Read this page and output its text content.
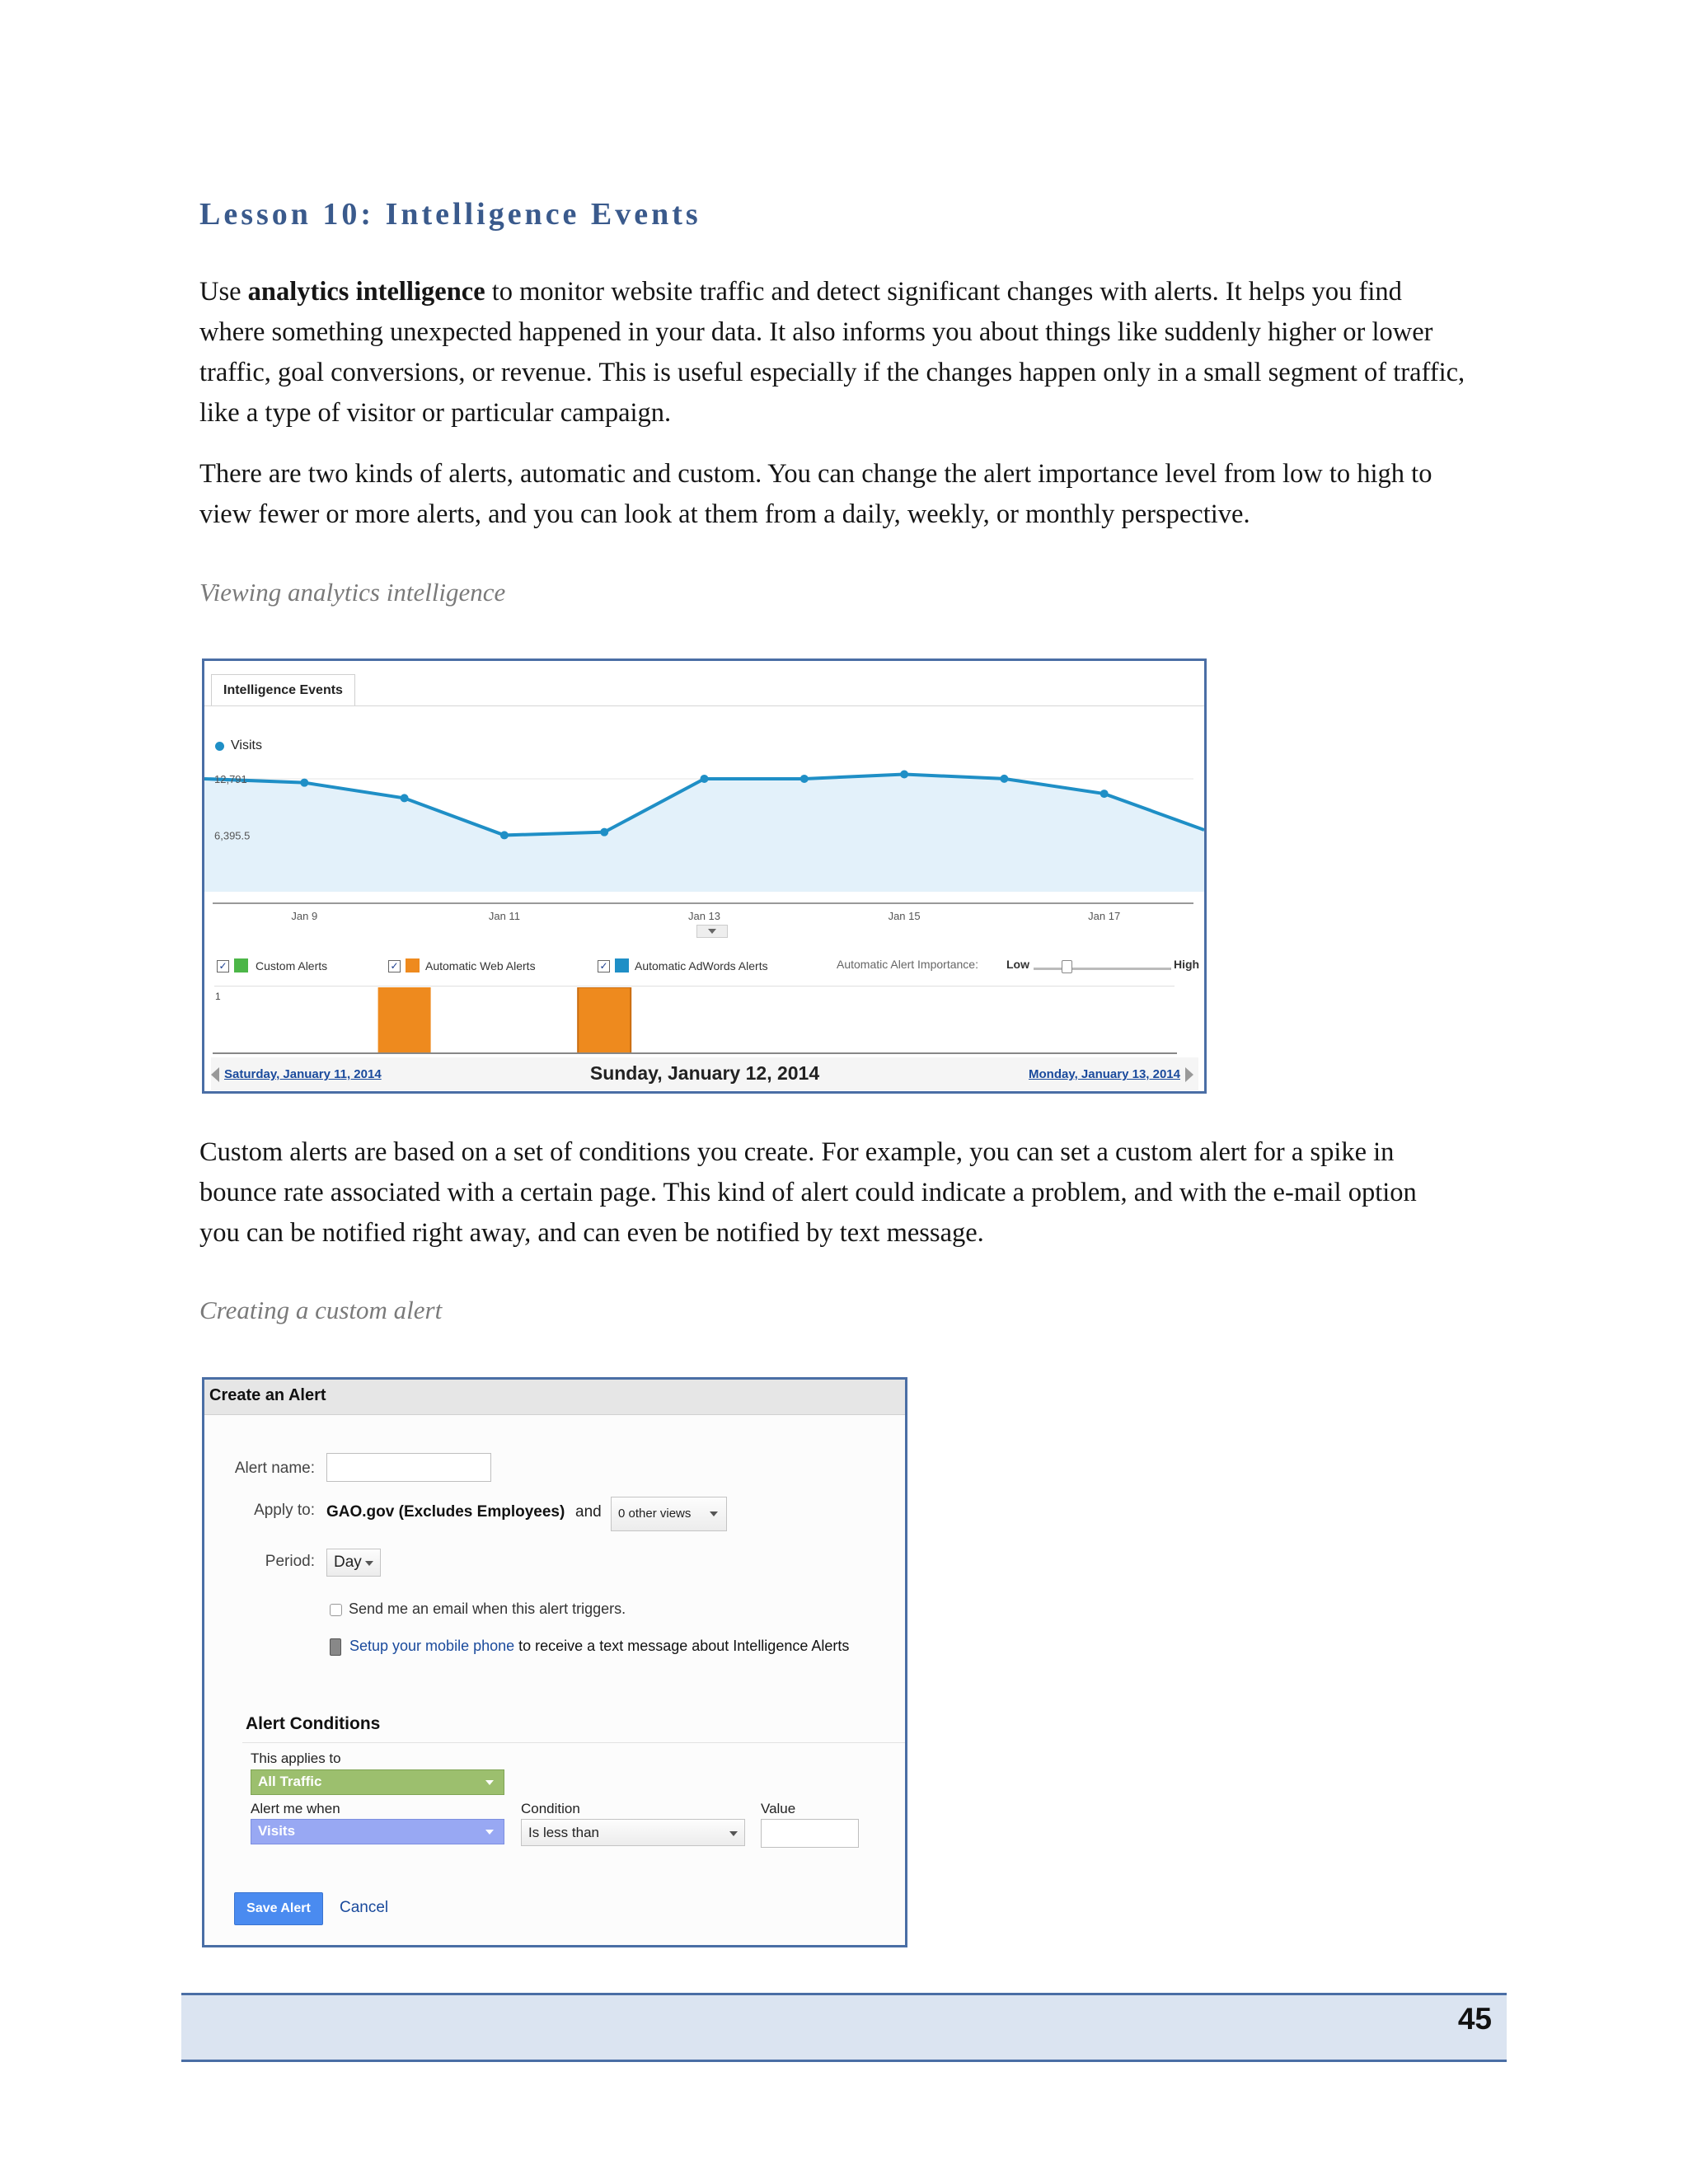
Lesson 10: Intelligence Events
Use analytics intelligence to monitor website traffic and detect significant changes with alerts. It helps you find
where something unexpected happened in your data. It also informs you about things like suddenly higher or lower
traffic, goal conversions, or revenue. This is useful especially if the changes happen only in a small segment of traffic,
like a type of visitor or particular campaign.
There are two kinds of alerts, automatic and custom. You can change the alert importance level from low to high to
view fewer or more alerts, and you can look at them from a daily, weekly, or monthly perspective.
Viewing analytics intelligence
Intelligence Events
Visits
12,791
6,395.5
Jan 9	Jan 11	Jan 13	Jan 15	Jan 17
✓ Custom Alerts	✓ Automatic Web Alerts	✓ Automatic AdWords Alerts	Automatic Alert Importance: Low	High
1
Saturday, January 11, 2014	Sunday, January 12, 2014	Monday, January 13, 2014
Custom alerts are based on a set of conditions you create. For example, you can set a custom alert for a spike in
bounce rate associated with a certain page. This kind of alert could indicate a problem, and with the e-mail option
you can be notified right away, and can even be notified by text message.
Creating a custom alert
Create an Alert
Alert name:
Apply to: GAO.gov (Excludes Employees) and	0 other views
Period:	Day
Send me an email when this alert triggers.
Setup your mobile phone to receive a text message about Intelligence Alerts
Alert Conditions
This applies to
All Traffic
Alert me when
Visits
Condition
Is less than
Value
Save Alert	Cancel
45
